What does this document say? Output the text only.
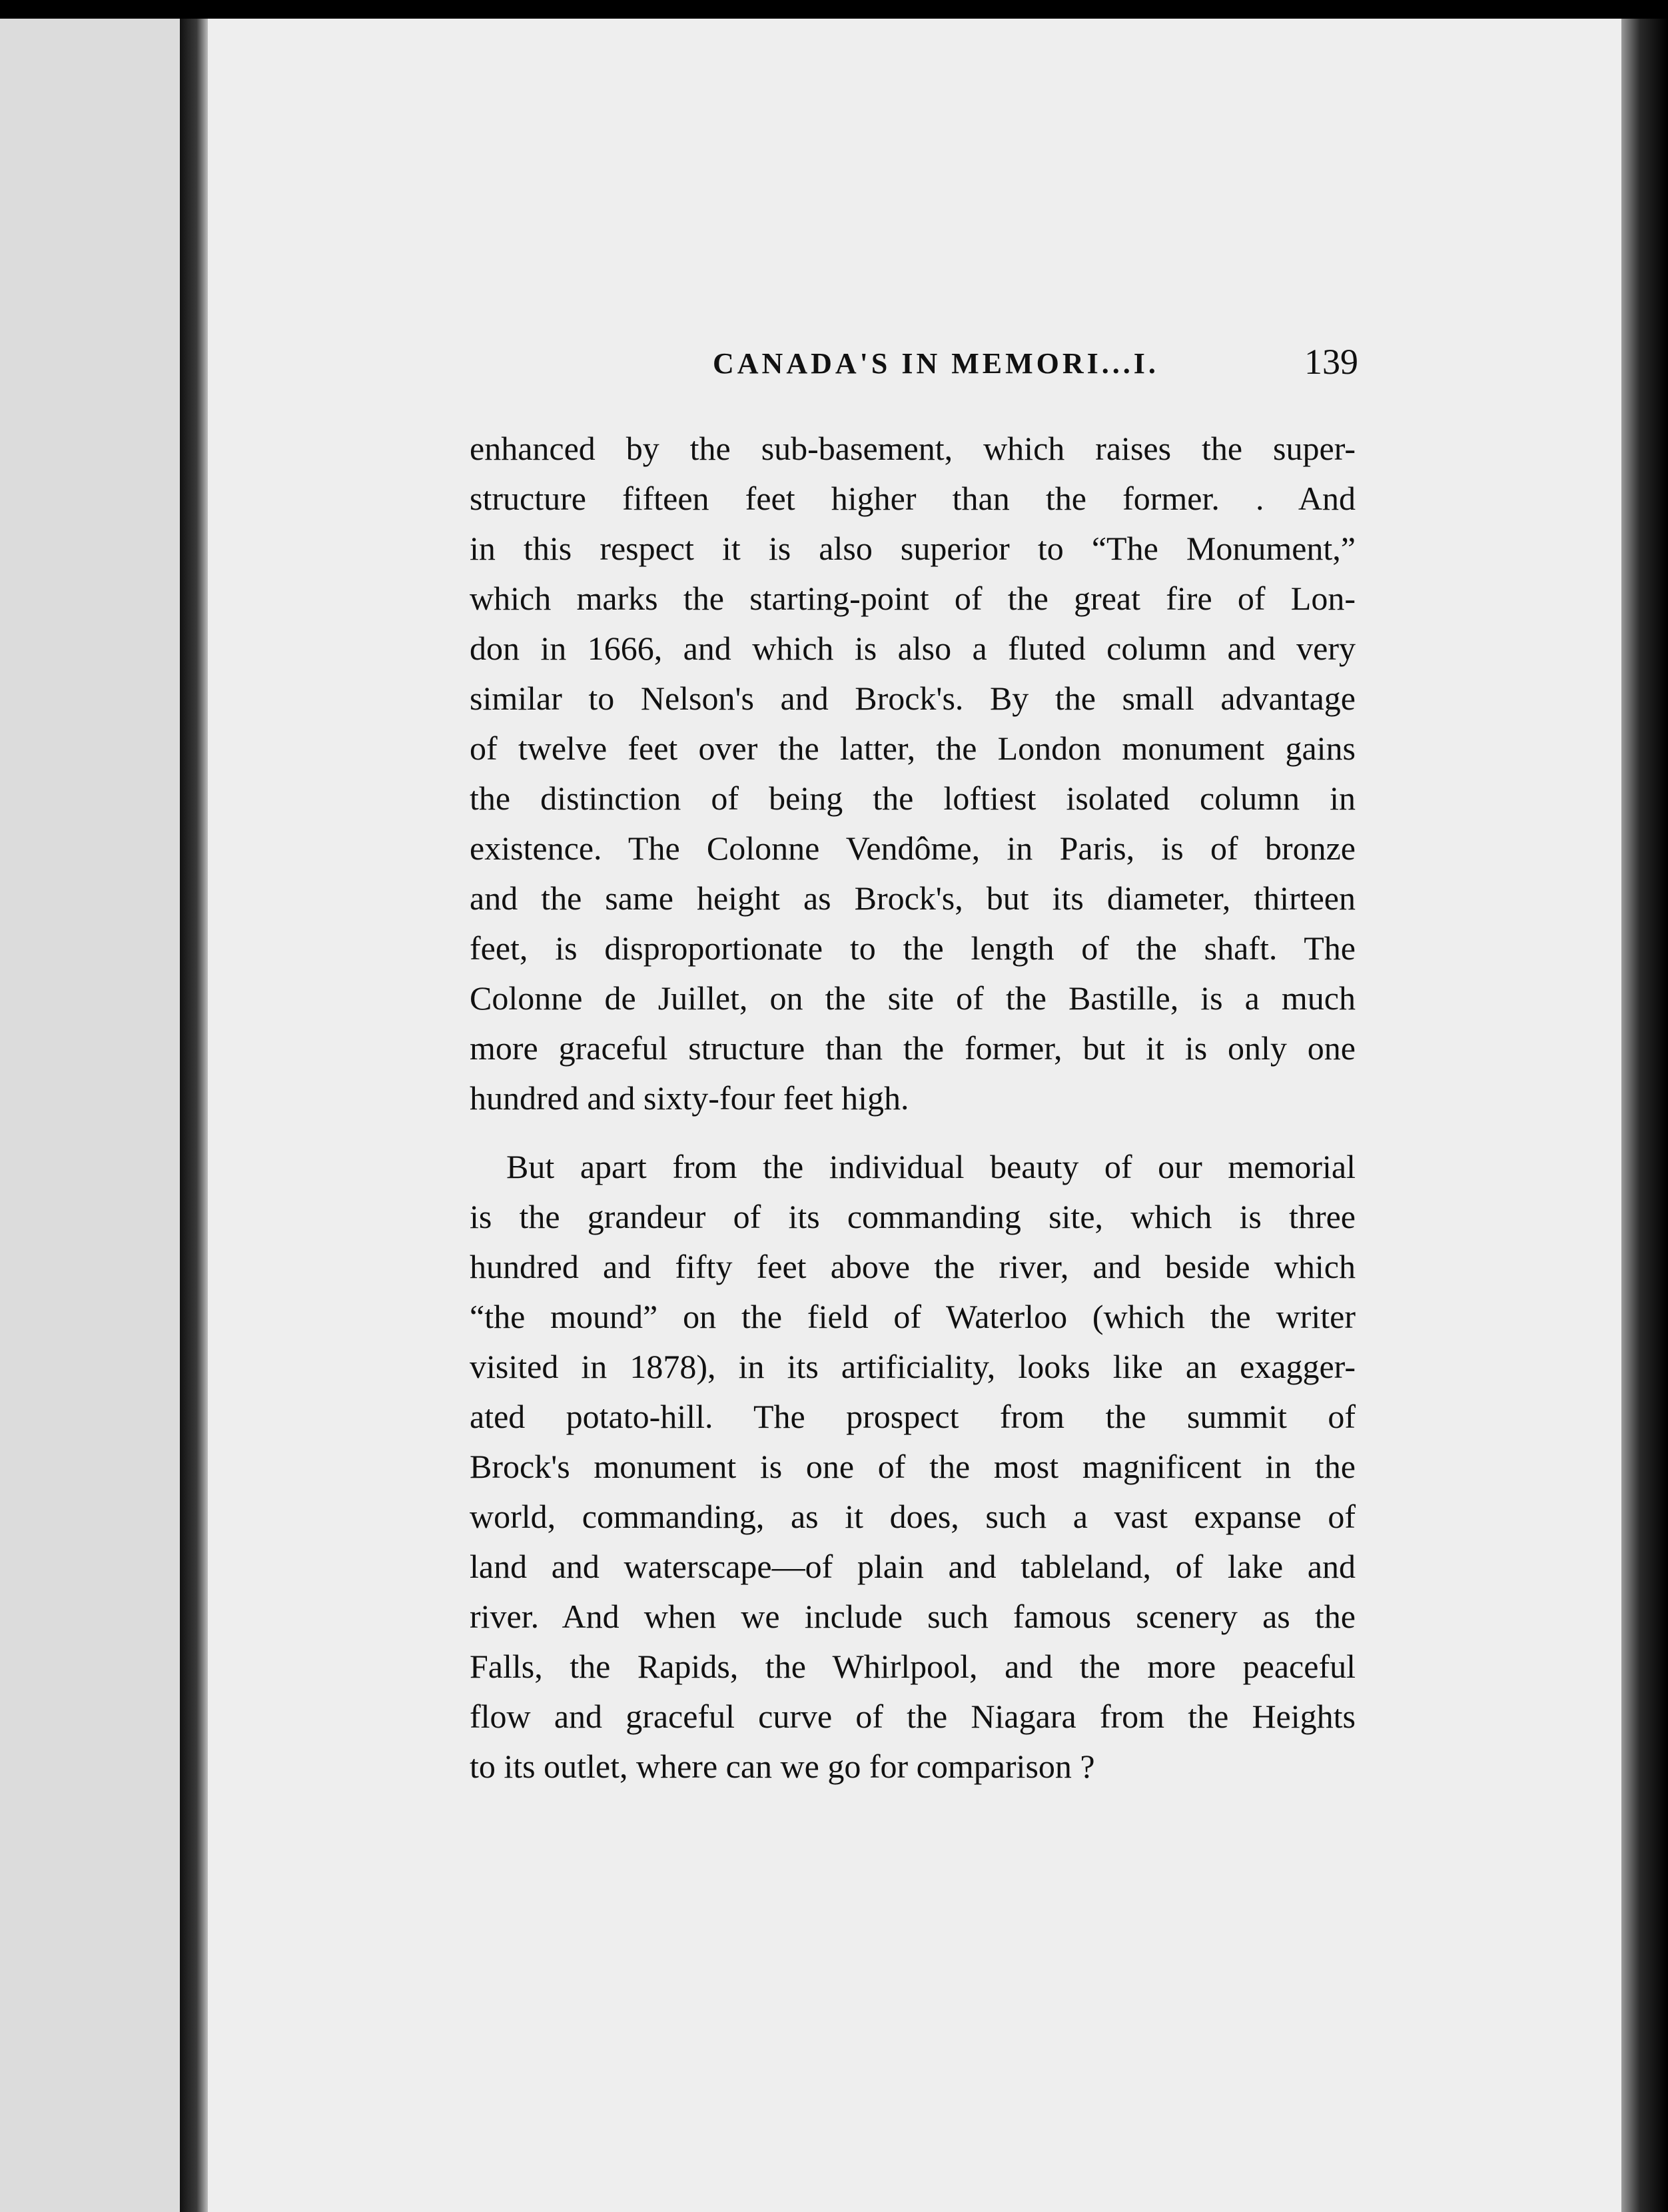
CANADA'S IN MEMORI...I.	139

enhanced by the sub-basement, which raises the super-
structure fifteen feet higher than the former. . And
in this respect it is also superior to “The Monument,”
which marks the starting-point of the great fire of Lon-
don in 1666, and which is also a fluted column and very
similar to Nelson's and Brock's. By the small advantage
of twelve feet over the latter, the London monument gains
the distinction of being the loftiest isolated column in
existence. The Colonne Vendôme, in Paris, is of bronze
and the same height as Brock's, but its diameter, thirteen
feet, is disproportionate to the length of the shaft. The
Colonne de Juillet, on the site of the Bastille, is a much
more graceful structure than the former, but it is only one
hundred and sixty-four feet high.

But apart from the individual beauty of our memorial
is the grandeur of its commanding site, which is three
hundred and fifty feet above the river, and beside which
“the mound” on the field of Waterloo (which the writer
visited in 1878), in its artificiality, looks like an exagger-
ated potato-hill. The prospect from the summit of
Brock's monument is one of the most magnificent in the
world, commanding, as it does, such a vast expanse of
land and waterscape—of plain and tableland, of lake and
river. And when we include such famous scenery as the
Falls, the Rapids, the Whirlpool, and the more peaceful
flow and graceful curve of the Niagara from the Heights
to its outlet, where can we go for comparison ?
